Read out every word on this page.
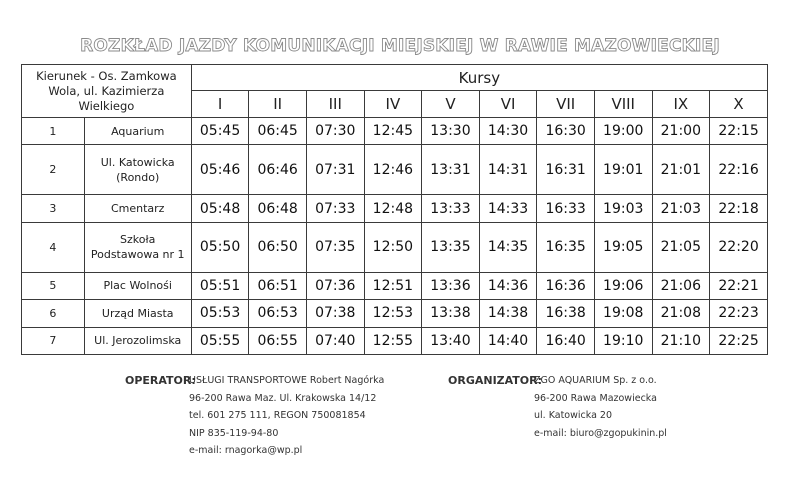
ROZKŁAD JAZDY KOMUNIKACJI MIEJSKIEJ W RAWIE MAZOWIECKIEJ
Kierunek - Os. Zamkowa Wola, ul. Kazimierza Wielkiego		Kursy									
		I	II	III	IV	V	VI	VII	VIII	IX	X
1	Aquarium	05:45	06:45	07:30	12:45	13:30	14:30	16:30	19:00	21:00	22:15
2	Ul. Katowicka (Rondo)	05:46	06:46	07:31	12:46	13:31	14:31	16:31	19:01	21:01	22:16
3	Cmentarz	05:48	06:48	07:33	12:48	13:33	14:33	16:33	19:03	21:03	22:18
4	Szkoła Podstawowa nr 1	05:50	06:50	07:35	12:50	13:35	14:35	16:35	19:05	21:05	22:20
5	Plac Wolnośi	05:51	06:51	07:36	12:51	13:36	14:36	16:36	19:06	21:06	22:21
6	Urząd Miasta	05:53	06:53	07:38	12:53	13:38	14:38	16:38	19:08	21:08	22:23
7	Ul. Jerozolimska	05:55	06:55	07:40	12:55	13:40	14:40	16:40	19:10	21:10	22:25
OPERATOR:
USŁUGI TRANSPORTOWE Robert Nagórka
96-200 Rawa Maz. Ul. Krakowska 14/12
tel. 601 275 111, REGON 750081854
NIP 835-119-94-80
e-mail: rnagorka@wp.pl
ORGANIZATOR:
ZGO AQUARIUM Sp. z o.o.
96-200 Rawa Mazowiecka
ul. Katowicka 20
e-mail: biuro@zgopukinin.pl
